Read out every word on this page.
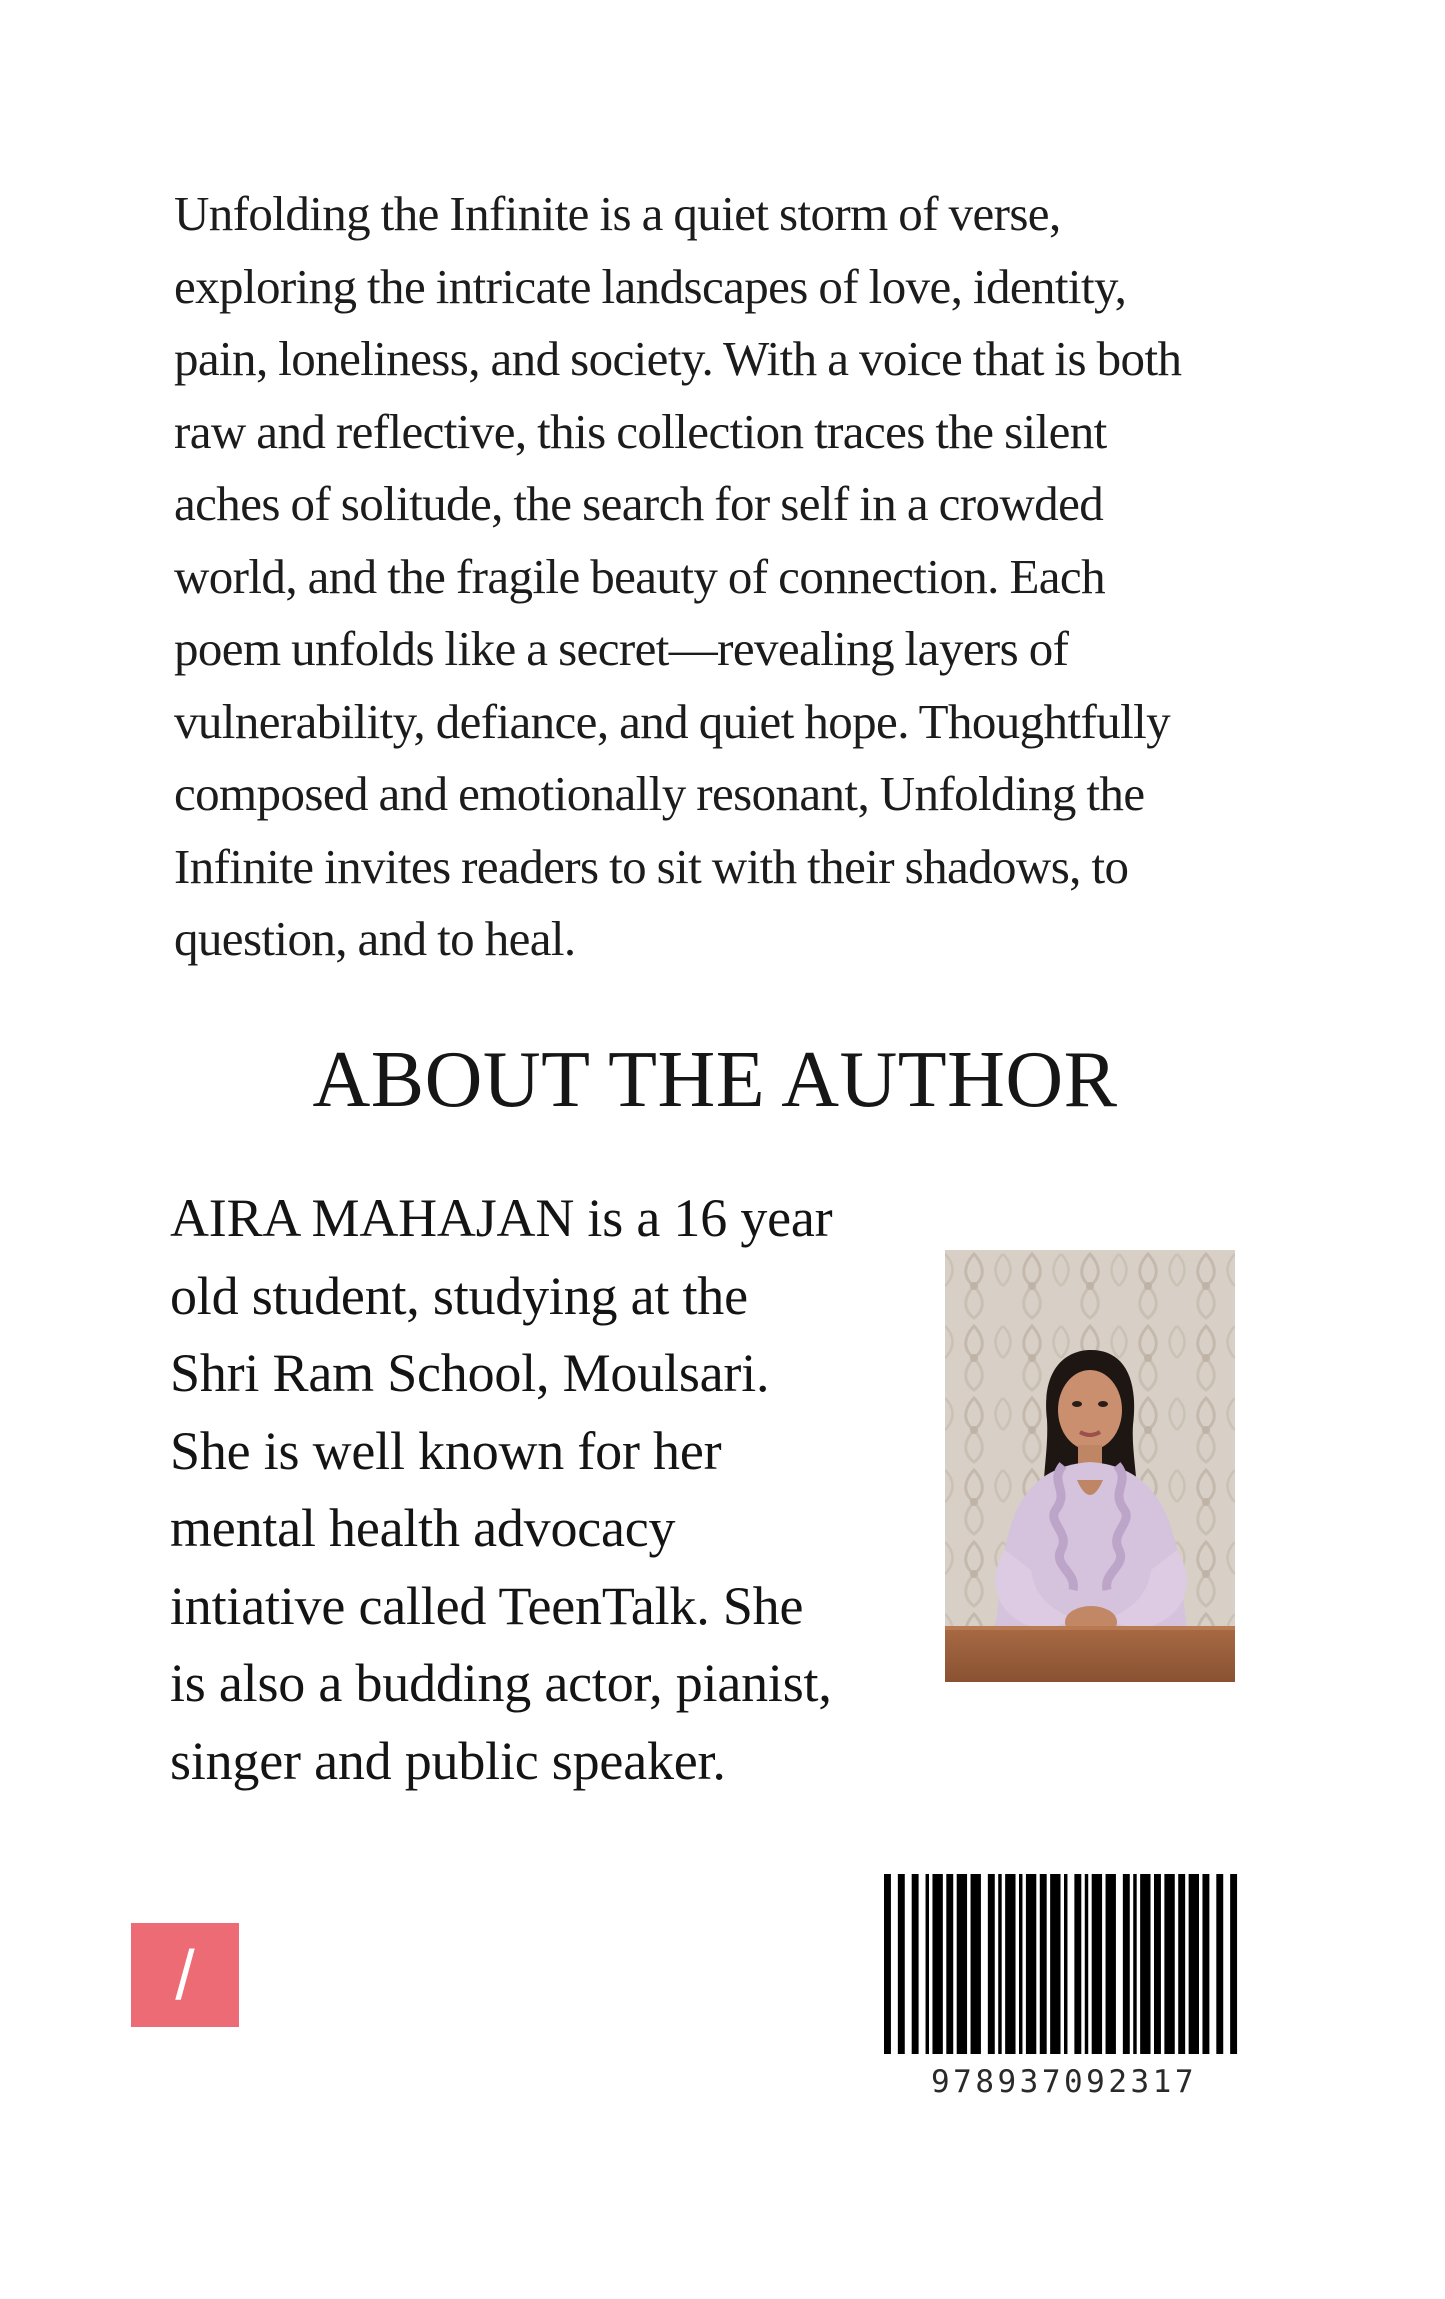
Unfolding the Infinite is a quiet storm of verse,
exploring the intricate landscapes of love, identity,
pain, loneliness, and society. With a voice that is both
raw and reflective, this collection traces the silent
aches of solitude, the search for self in a crowded
world, and the fragile beauty of connection. Each
poem unfolds like a secret—revealing layers of
vulnerability, defiance, and quiet hope. Thoughtfully
composed and emotionally resonant, Unfolding the
Infinite invites readers to sit with their shadows, to
question, and to heal.

ABOUT THE AUTHOR

AIRA MAHAJAN is a 16 year
old student, studying at the
Shri Ram School, Moulsari.
She is well known for her
mental health advocacy
intiative called TeenTalk. She
is also a budding actor, pianist,
singer and public speaker.

/
978937092317
